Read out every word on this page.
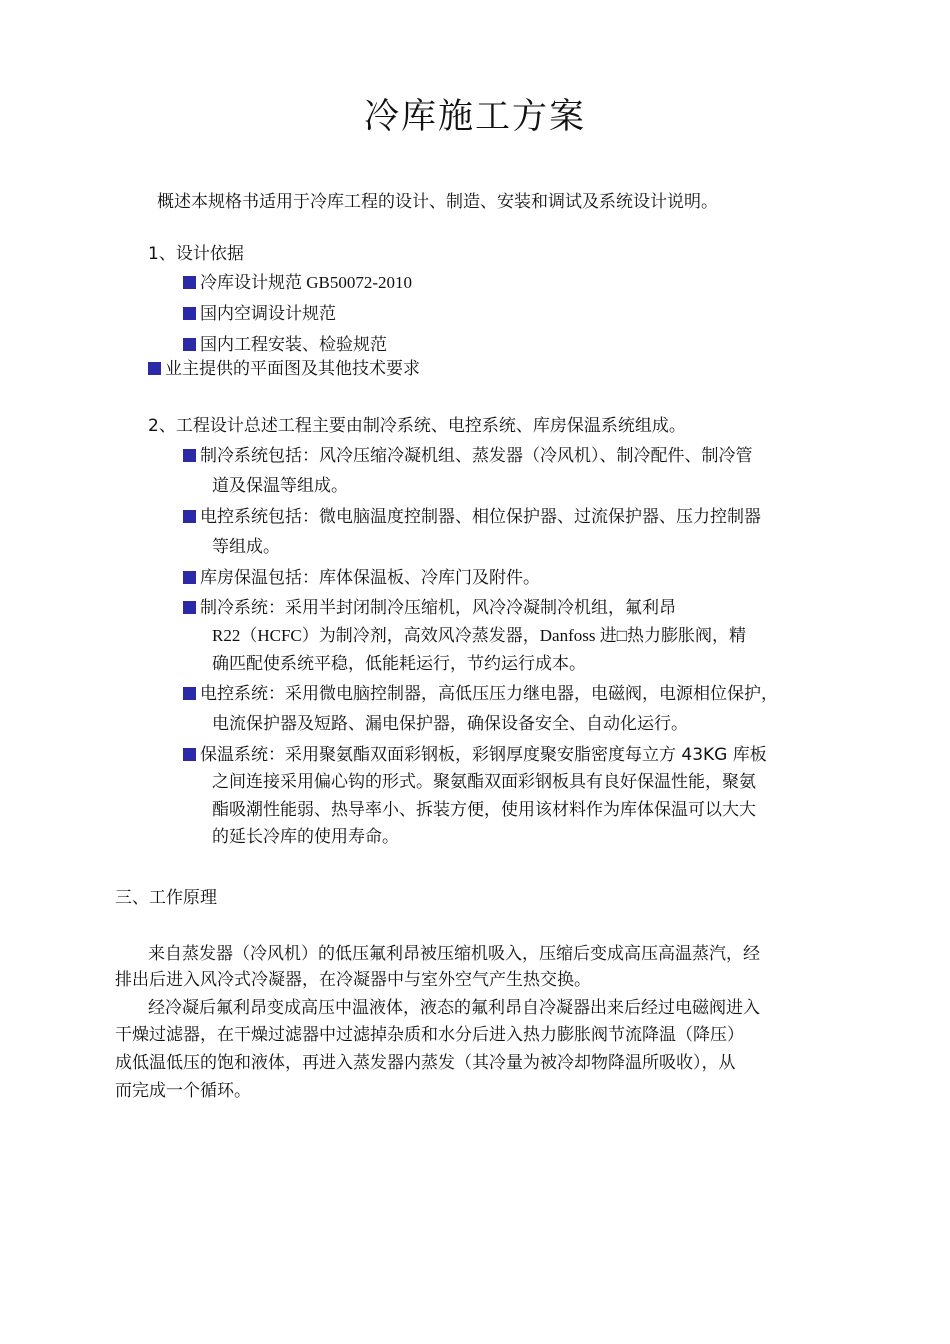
冷库施工方案

概述本规格书适用于冷库工程的设计、制造、安装和调试及系统设计说明。

1、设计依据

冷库设计规范 GB50072-2010

国内空调设计规范

国内工程安装、检验规范

业主提供的平面图及其他技术要求

2、工程设计总述工程主要由制冷系统、电控系统、库房保温系统组成。

制冷系统包括：风冷压缩冷凝机组、蒸发器（冷风机）、制冷配件、制冷管

道及保温等组成。

电控系统包括：微电脑温度控制器、相位保护器、过流保护器、压力控制器

等组成。

库房保温包括：库体保温板、冷库门及附件。

制冷系统：采用半封闭制冷压缩机，风冷冷凝制冷机组，氟利昂

R22（HCFC）为制冷剂，高效风冷蒸发器，Danfoss 进□热力膨胀阀，精

确匹配使系统平稳，低能耗运行，节约运行成本。

电控系统：采用微电脑控制器，高低压压力继电器，电磁阀，电源相位保护，

电流保护器及短路、漏电保护器，确保设备安全、自动化运行。

保温系统：采用聚氨酯双面彩钢板，彩钢厚度聚安脂密度每立方 43KG 库板

之间连接采用偏心钩的形式。聚氨酯双面彩钢板具有良好保温性能，聚氨

酯吸潮性能弱、热导率小、拆装方便，使用该材料作为库体保温可以大大

的延长冷库的使用寿命。

三、工作原理

来自蒸发器（冷风机）的低压氟利昂被压缩机吸入，压缩后变成高压高温蒸汽，经

排出后进入风冷式冷凝器，在冷凝器中与室外空气产生热交换。

经冷凝后氟利昂变成高压中温液体，液态的氟利昂自冷凝器出来后经过电磁阀进入

干燥过滤器，在干燥过滤器中过滤掉杂质和水分后进入热力膨胀阀节流降温（降压）

成低温低压的饱和液体，再进入蒸发器内蒸发（其冷量为被冷却物降温所吸收），从

而完成一个循环。
